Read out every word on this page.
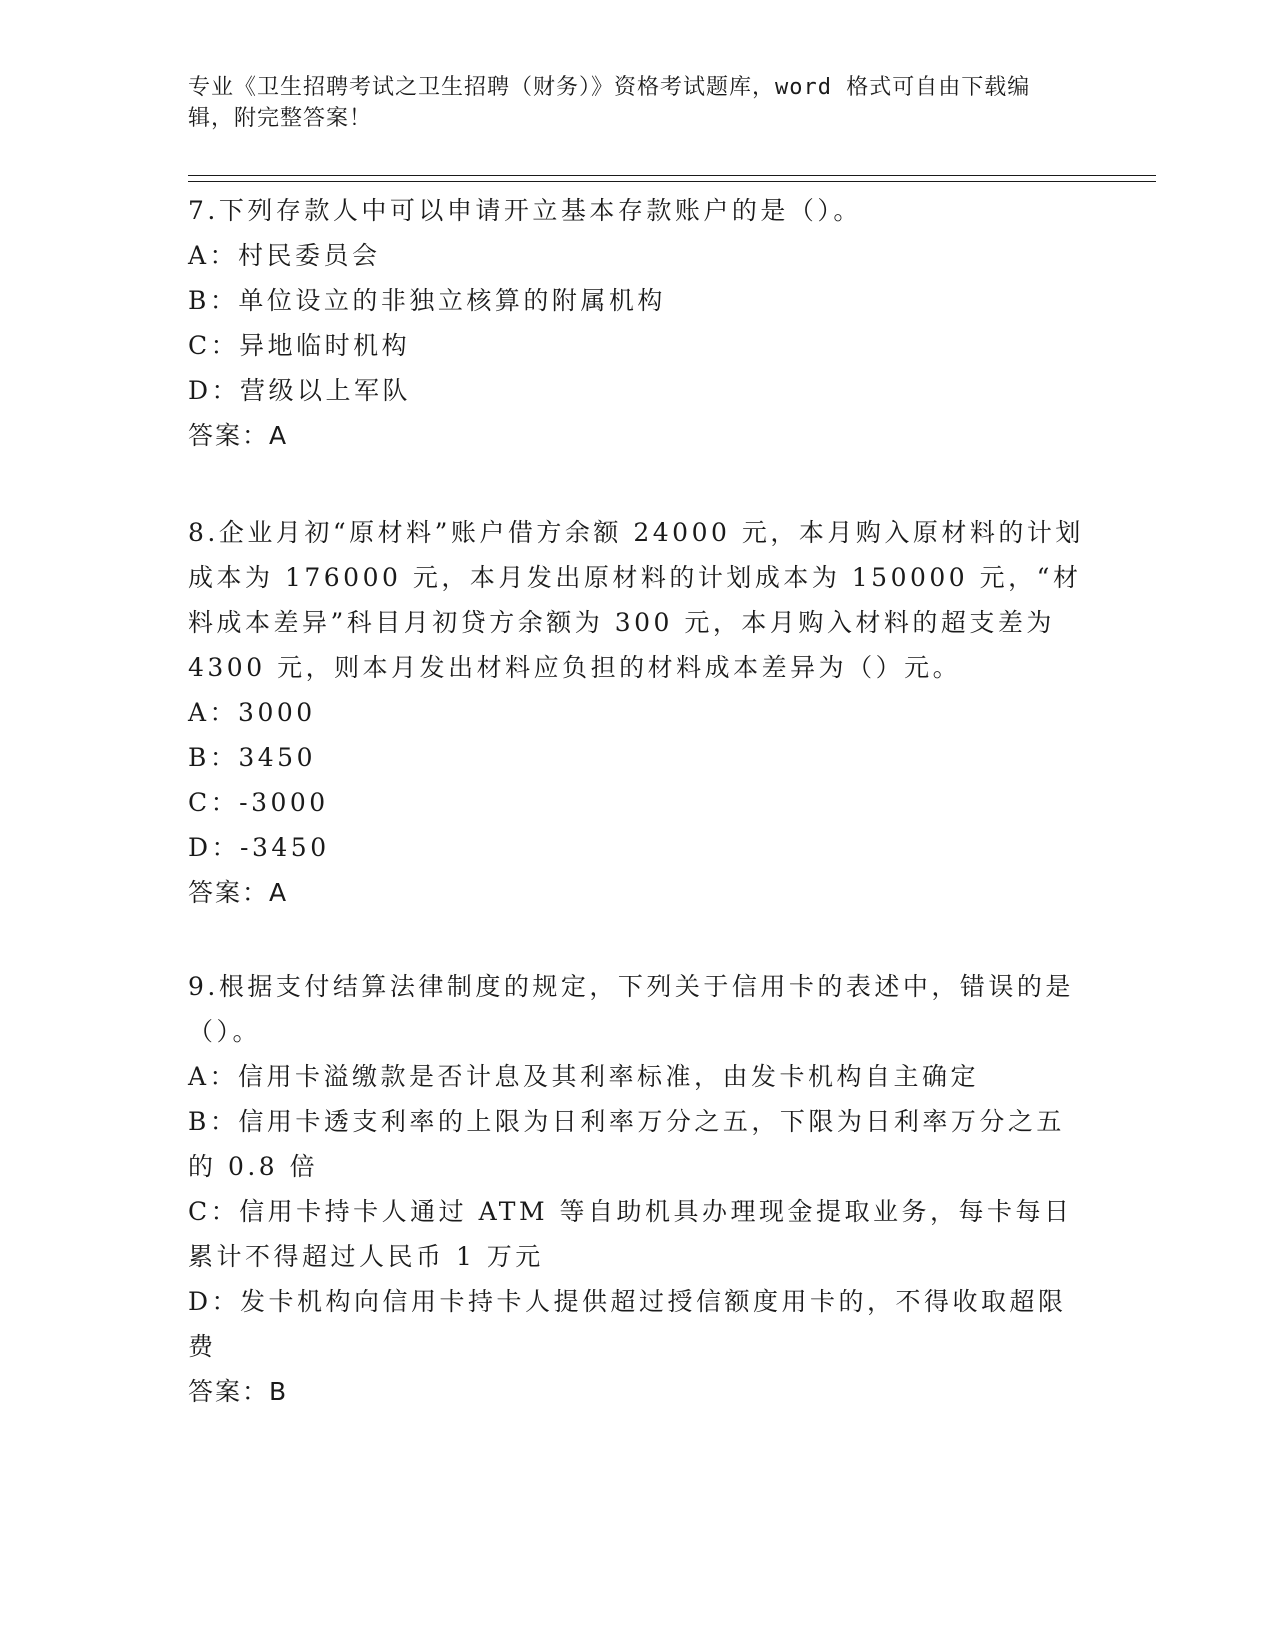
专业《卫生招聘考试之卫生招聘（财务）》资格考试题库，word 格式可自由下载编辑，附完整答案！

7.下列存款人中可以申请开立基本存款账户的是（）。

A：村民委员会

B：单位设立的非独立核算的附属机构

C：异地临时机构

D：营级以上军队

答案：A

8.企业月初“原材料”账户借方余额 24000 元，本月购入原材料的计划成本为 176000 元，本月发出原材料的计划成本为 150000 元，“材料成本差异”科目月初贷方余额为 300 元，本月购入材料的超支差为 4300 元，则本月发出材料应负担的材料成本差异为（）元。

A：3000

B：3450

C：-3000

D：-3450

答案：A

9.根据支付结算法律制度的规定，下列关于信用卡的表述中，错误的是（）。

A：信用卡溢缴款是否计息及其利率标准，由发卡机构自主确定

B：信用卡透支利率的上限为日利率万分之五，下限为日利率万分之五的 0.8 倍

C：信用卡持卡人通过 ATM 等自助机具办理现金提取业务，每卡每日累计不得超过人民币 1 万元

D：发卡机构向信用卡持卡人提供超过授信额度用卡的，不得收取超限费

答案：B
